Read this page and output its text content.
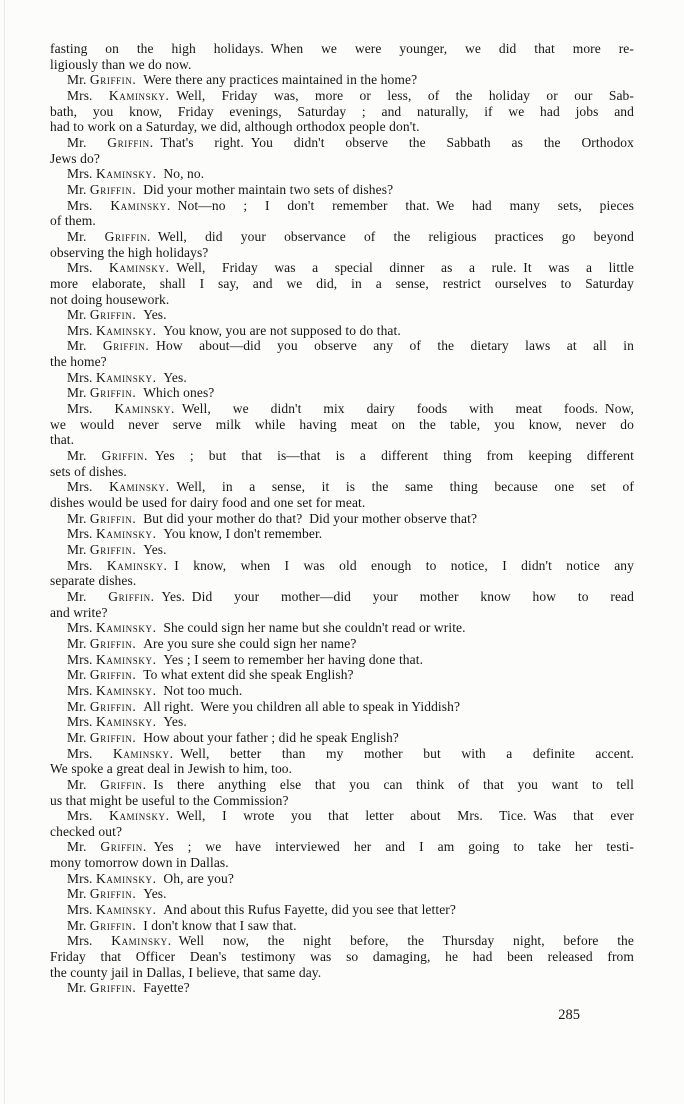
fasting on the high holidays. When we were younger, we did that more re-
ligiously than we do now.
Mr. Griffin. Were there any practices maintained in the home?
Mrs. Kaminsky. Well, Friday was, more or less, of the holiday or our Sab-
bath, you know, Friday evenings, Saturday ; and naturally, if we had jobs and
had to work on a Saturday, we did, although orthodox people don't.
Mr. Griffin. That's right. You didn't observe the Sabbath as the Orthodox
Jews do?
Mrs. Kaminsky. No, no.
Mr. Griffin. Did your mother maintain two sets of dishes?
Mrs. Kaminsky. Not—no ; I don't remember that. We had many sets, pieces
of them.
Mr. Griffin. Well, did your observance of the religious practices go beyond
observing the high holidays?
Mrs. Kaminsky. Well, Friday was a special dinner as a rule. It was a little
more elaborate, shall I say, and we did, in a sense, restrict ourselves to Saturday
not doing housework.
Mr. Griffin. Yes.
Mrs. Kaminsky. You know, you are not supposed to do that.
Mr. Griffin. How about—did you observe any of the dietary laws at all in
the home?
Mrs. Kaminsky. Yes.
Mr. Griffin. Which ones?
Mrs. Kaminsky. Well, we didn't mix dairy foods with meat foods. Now,
we would never serve milk while having meat on the table, you know, never do
that.
Mr. Griffin. Yes ; but that is—that is a different thing from keeping different
sets of dishes.
Mrs. Kaminsky. Well, in a sense, it is the same thing because one set of
dishes would be used for dairy food and one set for meat.
Mr. Griffin. But did your mother do that? Did your mother observe that?
Mrs. Kaminsky. You know, I don't remember.
Mr. Griffin. Yes.
Mrs. Kaminsky. I know, when I was old enough to notice, I didn't notice any
separate dishes.
Mr. Griffin. Yes. Did your mother—did your mother know how to read
and write?
Mrs. Kaminsky. She could sign her name but she couldn't read or write.
Mr. Griffin. Are you sure she could sign her name?
Mrs. Kaminsky. Yes ; I seem to remember her having done that.
Mr. Griffin. To what extent did she speak English?
Mrs. Kaminsky. Not too much.
Mr. Griffin. All right. Were you children all able to speak in Yiddish?
Mrs. Kaminsky. Yes.
Mr. Griffin. How about your father ; did he speak English?
Mrs. Kaminsky. Well, better than my mother but with a definite accent.
We spoke a great deal in Jewish to him, too.
Mr. Griffin. Is there anything else that you can think of that you want to tell
us that might be useful to the Commission?
Mrs. Kaminsky. Well, I wrote you that letter about Mrs. Tice. Was that ever
checked out?
Mr. Griffin. Yes ; we have interviewed her and I am going to take her testi-
mony tomorrow down in Dallas.
Mrs. Kaminsky. Oh, are you?
Mr. Griffin. Yes.
Mrs. Kaminsky. And about this Rufus Fayette, did you see that letter?
Mr. Griffin. I don't know that I saw that.
Mrs. Kaminsky. Well now, the night before, the Thursday night, before the
Friday that Officer Dean's testimony was so damaging, he had been released from
the county jail in Dallas, I believe, that same day.
Mr. Griffin. Fayette?
285
